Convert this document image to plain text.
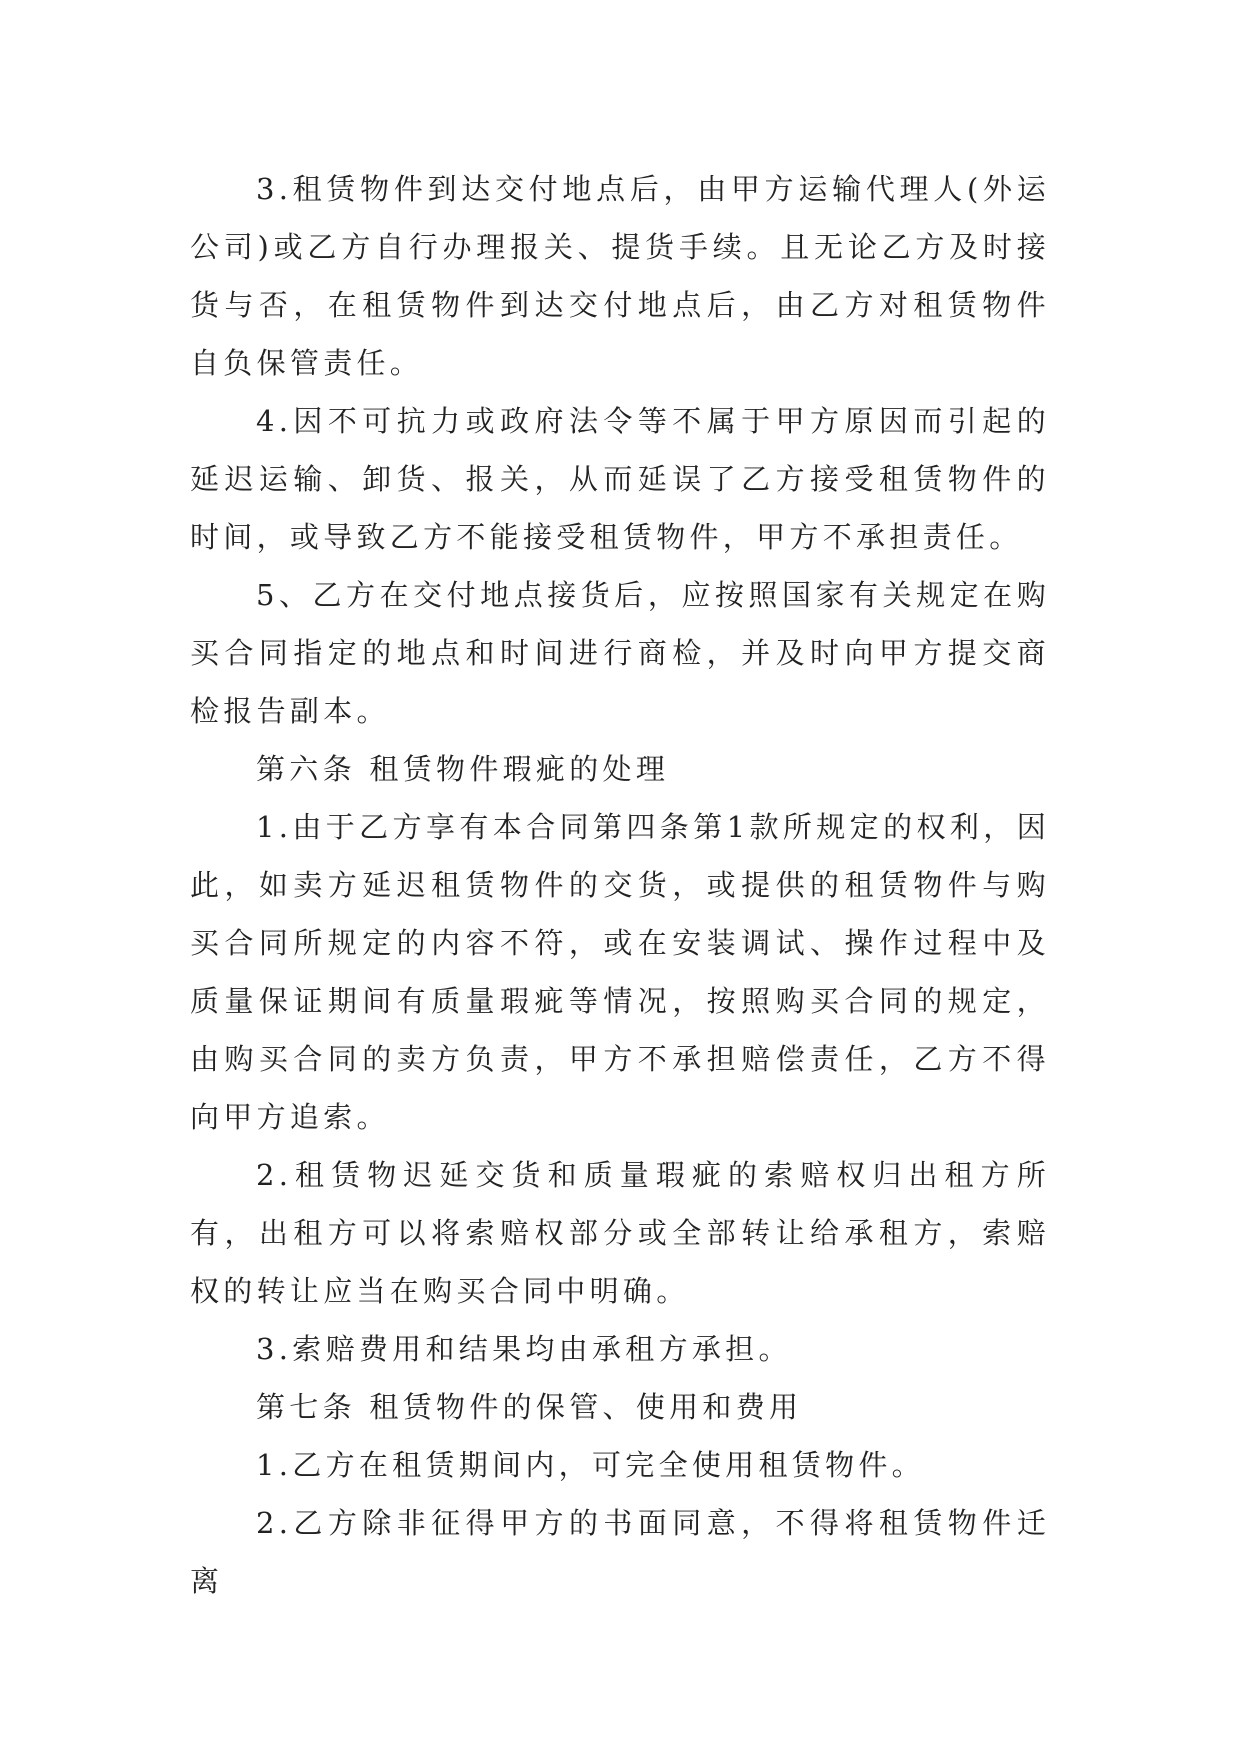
3.租赁物件到达交付地点后，由甲方运输代理人(外运公司)或乙方自行办理报关、提货手续。且无论乙方及时接货与否，在租赁物件到达交付地点后，由乙方对租赁物件自负保管责任。

4.因不可抗力或政府法令等不属于甲方原因而引起的延迟运输、卸货、报关，从而延误了乙方接受租赁物件的时间，或导致乙方不能接受租赁物件，甲方不承担责任。

5、乙方在交付地点接货后，应按照国家有关规定在购买合同指定的地点和时间进行商检，并及时向甲方提交商检报告副本。

第六条 租赁物件瑕疵的处理

1.由于乙方享有本合同第四条第1款所规定的权利，因此，如卖方延迟租赁物件的交货，或提供的租赁物件与购买合同所规定的内容不符，或在安装调试、操作过程中及质量保证期间有质量瑕疵等情况，按照购买合同的规定，由购买合同的卖方负责，甲方不承担赔偿责任，乙方不得向甲方追索。

2.租赁物迟延交货和质量瑕疵的索赔权归出租方所有，出租方可以将索赔权部分或全部转让给承租方，索赔权的转让应当在购买合同中明确。

3.索赔费用和结果均由承租方承担。

第七条 租赁物件的保管、使用和费用

1.乙方在租赁期间内，可完全使用租赁物件。

2.乙方除非征得甲方的书面同意，不得将租赁物件迁离
